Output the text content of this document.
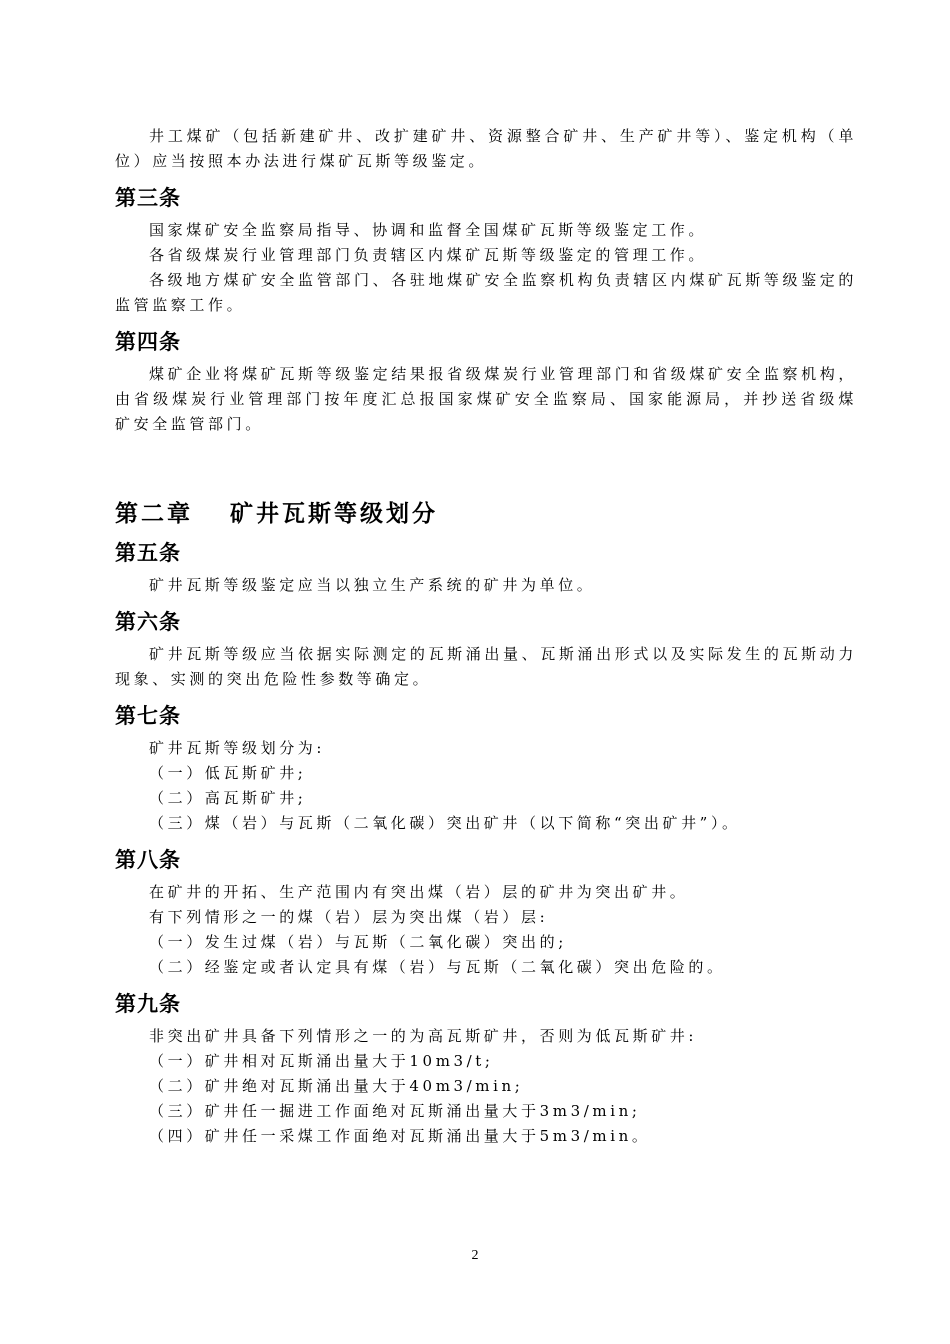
井工煤矿（包括新建矿井、改扩建矿井、资源整合矿井、生产矿井等）、鉴定机构（单位）应当按照本办法进行煤矿瓦斯等级鉴定。

第三条

国家煤矿安全监察局指导、协调和监督全国煤矿瓦斯等级鉴定工作。

各省级煤炭行业管理部门负责辖区内煤矿瓦斯等级鉴定的管理工作。

各级地方煤矿安全监管部门、各驻地煤矿安全监察机构负责辖区内煤矿瓦斯等级鉴定的监管监察工作。

第四条

煤矿企业将煤矿瓦斯等级鉴定结果报省级煤炭行业管理部门和省级煤矿安全监察机构，由省级煤炭行业管理部门按年度汇总报国家煤矿安全监察局、国家能源局，并抄送省级煤矿安全监管部门。

第二章　 矿井瓦斯等级划分
第五条

矿井瓦斯等级鉴定应当以独立生产系统的矿井为单位。

第六条

矿井瓦斯等级应当依据实际测定的瓦斯涌出量、瓦斯涌出形式以及实际发生的瓦斯动力现象、实测的突出危险性参数等确定。

第七条

矿井瓦斯等级划分为:

（一）低瓦斯矿井;

（二）高瓦斯矿井;

（三）煤（岩）与瓦斯（二氧化碳）突出矿井（以下简称“突出矿井”）。

第八条

在矿井的开拓、生产范围内有突出煤（岩）层的矿井为突出矿井。

有下列情形之一的煤（岩）层为突出煤（岩）层:

（一）发生过煤（岩）与瓦斯（二氧化碳）突出的;

（二）经鉴定或者认定具有煤（岩）与瓦斯（二氧化碳）突出危险的。

第九条

非突出矿井具备下列情形之一的为高瓦斯矿井，否则为低瓦斯矿井:

（一）矿井相对瓦斯涌出量大于10m3/t;

（二）矿井绝对瓦斯涌出量大于40m3/min;

（三）矿井任一掘进工作面绝对瓦斯涌出量大于3m3/min;

（四）矿井任一采煤工作面绝对瓦斯涌出量大于5m3/min。

2
